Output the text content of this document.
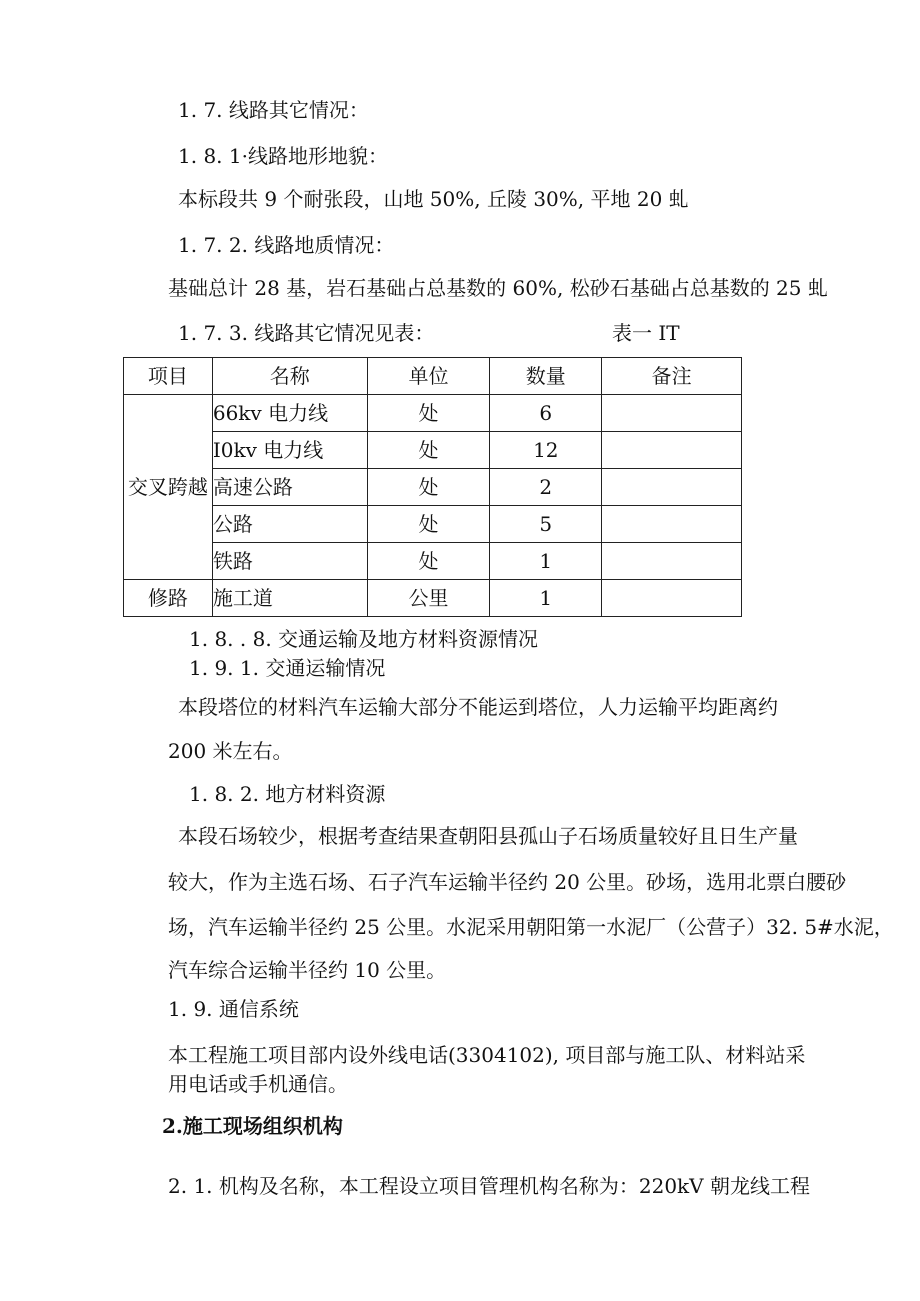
1. 7. 线路其它情况：
1. 8. 1·线路地形地貌：
本标段共 9 个耐张段，山地 50%, 丘陵 30%, 平地 20 虬
1. 7. 2. 线路地质情况：
基础总计 28 基，岩石基础占总基数的 60%, 松砂石基础占总基数的 25 虬
1. 7. 3. 线路其它情况见表：	表一 IT
项目	名称	单位	数量	备注
交叉跨越	66kv 电力线	处	6	
	I0kv 电力线	处	12	
	高速公路	处	2	
	公路	处	5	
	铁路	处	1	
修路	施工道	公里	1	
1. 8. . 8. 交通运输及地方材料资源情况
1. 9. 1. 交通运输情况
本段塔位的材料汽车运输大部分不能运到塔位，人力运输平均距离约
200 米左右。
1. 8. 2. 地方材料资源
本段石场较少，根据考查结果查朝阳县孤山子石场质量较好且日生产量
较大，作为主选石场、石子汽车运输半径约 20 公里。砂场，选用北票白腰砂
场，汽车运输半径约 25 公里。水泥采用朝阳第一水泥厂（公营子）32. 5#水泥，
汽车综合运输半径约 10 公里。
1. 9. 通信系统
本工程施工项目部内设外线电话(3304102), 项目部与施工队、材料站采
用电话或手机通信。
2.施工现场组织机构
2. 1. 机构及名称，本工程设立项目管理机构名称为：220kV 朝龙线工程
